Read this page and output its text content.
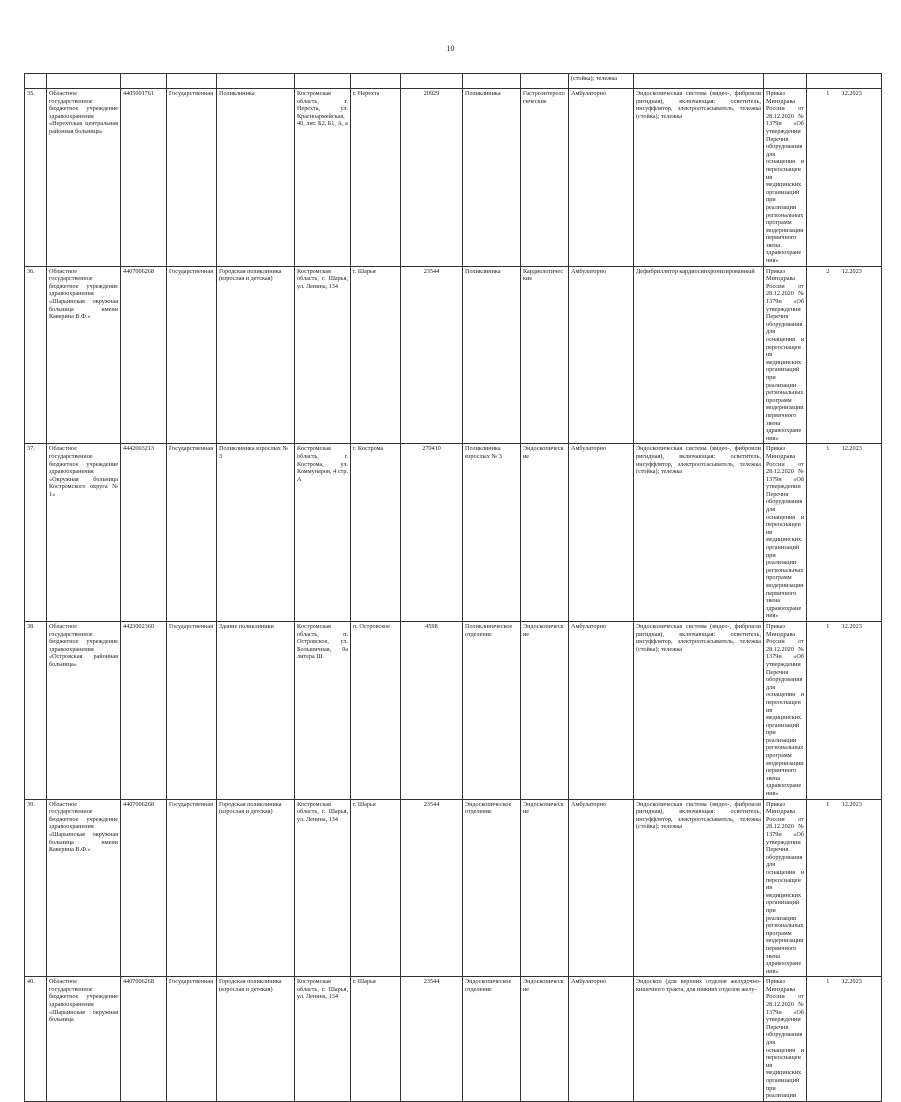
10
										(стойка); тележка			
35.	Областное государственное бюджетное учреждение здравоохранения «Нерехтская центральная районная больница»	4405001761	Государственная	Поликлиника	Костромская область, г. Нерехта, ул. Красноармейская, 40, лит. Б2, Б1, А, а	г. Нерехта	20929	Поликлиника	Гастроэнтерологические	Амбулаторно	Эндоскопическая система (видео-, фиброили ригидная), включающая: осветитель, инсуффлятор, электроотсасыватель, тележка (стойка); тележка	Приказ Минздрава России от 28.12.2020 № 1379н «Об утверждении Перечня оборудования для оснащения и переоснащения медицинских организаций при реализации региональных программ модернизации первичного звена здравоохранения»	1 12.2023
36.	Областное государственное бюджетное учреждение здравоохранения «Шарьинская окружная больница имени Каверина В.Ф.»	4407006268	Государственная	Городская поликлиника (взрослая и детская)	Костромская область, г. Шарья, ул. Ленина, 134	г. Шарья	23544	Поликлиника	Кардиологические	Амбулаторно	Дефибриллятор кардиосинхронизированный	Приказ Минздрава России от 28.12.2020 № 1379н «Об утверждении Перечня оборудования для оснащения и переоснащения медицинских организаций при реализации региональных программ модернизации первичного звена здравоохранения»	2 12.2023
37.	Областное государственное бюджетное учреждение здравоохранения «Окружная больница Костромского округа № 1»	4442003213	Государственная	Поликлиника взрослых № 3	Костромская область, г. Кострома, ул. Коммунаров, 4 стр. А	г. Кострома	270410	Поликлиника взрослых № 3	Эндоскопические	Амбулаторно	Эндоскопическая система (видео-, фиброили ригидная), включающая: осветитель, инсуффлятор, электроотсасыватель, тележка (стойка); тележка	Приказ Минздрава России от 28.12.2020 № 1379н «Об утверждении Перечня оборудования для оснащения и переоснащения медицинских организаций при реализации региональных программ модернизации первичного звена здравоохранения»	1 12.2023
38.	Областное государственное бюджетное учреждение здравоохранения «Островская районная больница»	4423002360	Государственная	Здание поликлиники	Костромская область, п. Островское, ул. Большичная, 9а литера Ш	п. Островское	4598	Поликлиническое отделение	Эндоскопические	Амбулаторно	Эндоскопическая система (видео-, фиброили ригидная), включающая: осветитель, инсуффлятор, электроотсасыватель, тележка (стойка); тележка	Приказ Минздрава России от 28.12.2020 № 1379н «Об утверждении Перечня оборудования для оснащения и переоснащения медицинских организаций при реализации региональных программ модернизации первичного звена здравоохранения»	1 12.2023
39.	Областное государственное бюджетное учреждение здравоохранения «Шарьинская окружная больница имени Каверина В.Ф.»	4407006268	Государственная	Городская поликлиника (взрослая и детская)	Костромская область, г. Шарья, ул. Ленина, 134	г. Шарья	23544	Эндоскопическое отделение	Эндоскопические	Амбулаторно	Эндоскопическая система (видео-, фиброили ригидная), включающая: осветитель, инсуффлятор, электроотсасыватель, тележка (стойка); тележка	Приказ Минздрава России от 28.12.2020 № 1379н «Об утверждении Перечня оборудования для оснащения и переоснащения медицинских организаций при реализации региональных программ модернизации первичного звена здравоохранения»	1 12.2023
40.	Областное государственное бюджетное учреждение здравоохранения «Шарьинская окружная больница	4407006268	Государственная	Городская поликлиника (взрослая и детская)	Костромская область, г. Шарья, ул. Ленина, 134	г. Шарья	23544	Эндоскопическое отделение	Эндоскопические	Амбулаторно	Эндоскоп (для верхних отделов желудочно-кишечного тракта, для нижних отделов желу-	Приказ Минздрава России от 28.12.2020 № 1379н «Об утверждении Перечня оборудования для оснащения и переоснащения медицинских организаций при реализации	1 12.2023
